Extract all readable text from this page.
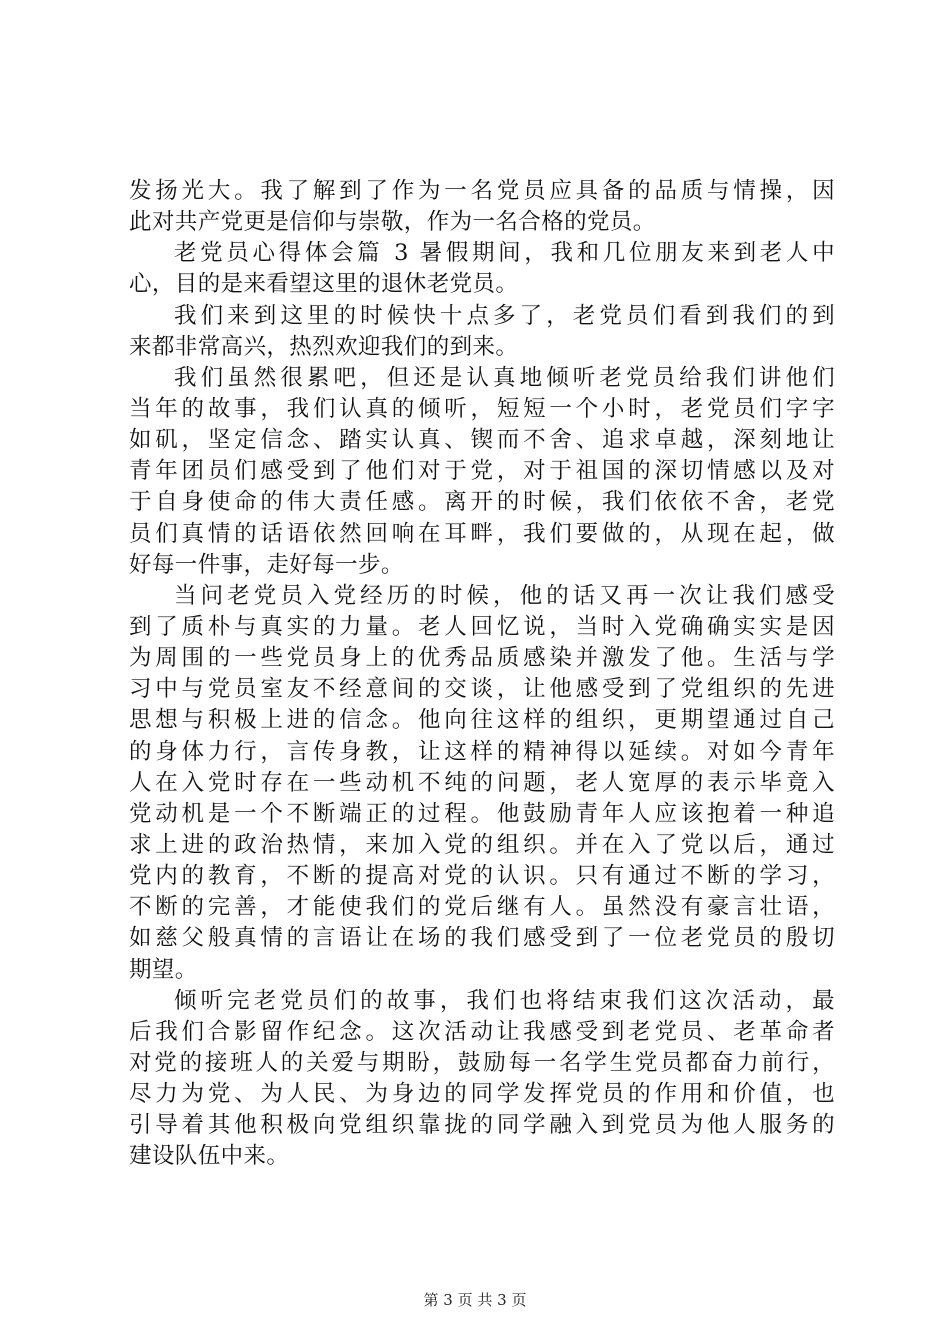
发扬光大。我了解到了作为一名党员应具备的品质与情操，因
此对共产党更是信仰与崇敬，作为一名合格的党员。
老党员心得体会篇 3 暑假期间，我和几位朋友来到老人中
心，目的是来看望这里的退休老党员。
我们来到这里的时候快十点多了，老党员们看到我们的到
来都非常高兴，热烈欢迎我们的到来。
我们虽然很累吧，但还是认真地倾听老党员给我们讲他们
当年的故事，我们认真的倾听，短短一个小时，老党员们字字
如矶，坚定信念、踏实认真、锲而不舍、追求卓越，深刻地让
青年团员们感受到了他们对于党，对于祖国的深切情感以及对
于自身使命的伟大责任感。离开的时候，我们依依不舍，老党
员们真情的话语依然回响在耳畔，我们要做的，从现在起，做
好每一件事，走好每一步。
当问老党员入党经历的时候，他的话又再一次让我们感受
到了质朴与真实的力量。老人回忆说，当时入党确确实实是因
为周围的一些党员身上的优秀品质感染并激发了他。生活与学
习中与党员室友不经意间的交谈，让他感受到了党组织的先进
思想与积极上进的信念。他向往这样的组织，更期望通过自己
的身体力行，言传身教，让这样的精神得以延续。对如今青年
人在入党时存在一些动机不纯的问题，老人宽厚的表示毕竟入
党动机是一个不断端正的过程。他鼓励青年人应该抱着一种追
求上进的政治热情，来加入党的组织。并在入了党以后，通过
党内的教育，不断的提高对党的认识。只有通过不断的学习，
不断的完善，才能使我们的党后继有人。虽然没有豪言壮语，
如慈父般真情的言语让在场的我们感受到了一位老党员的殷切
期望。
倾听完老党员们的故事，我们也将结束我们这次活动，最
后我们合影留作纪念。这次活动让我感受到老党员、老革命者
对党的接班人的关爱与期盼，鼓励每一名学生党员都奋力前行，
尽力为党、为人民、为身边的同学发挥党员的作用和价值，也
引导着其他积极向党组织靠拢的同学融入到党员为他人服务的
建设队伍中来。
第 3 页 共 3 页
